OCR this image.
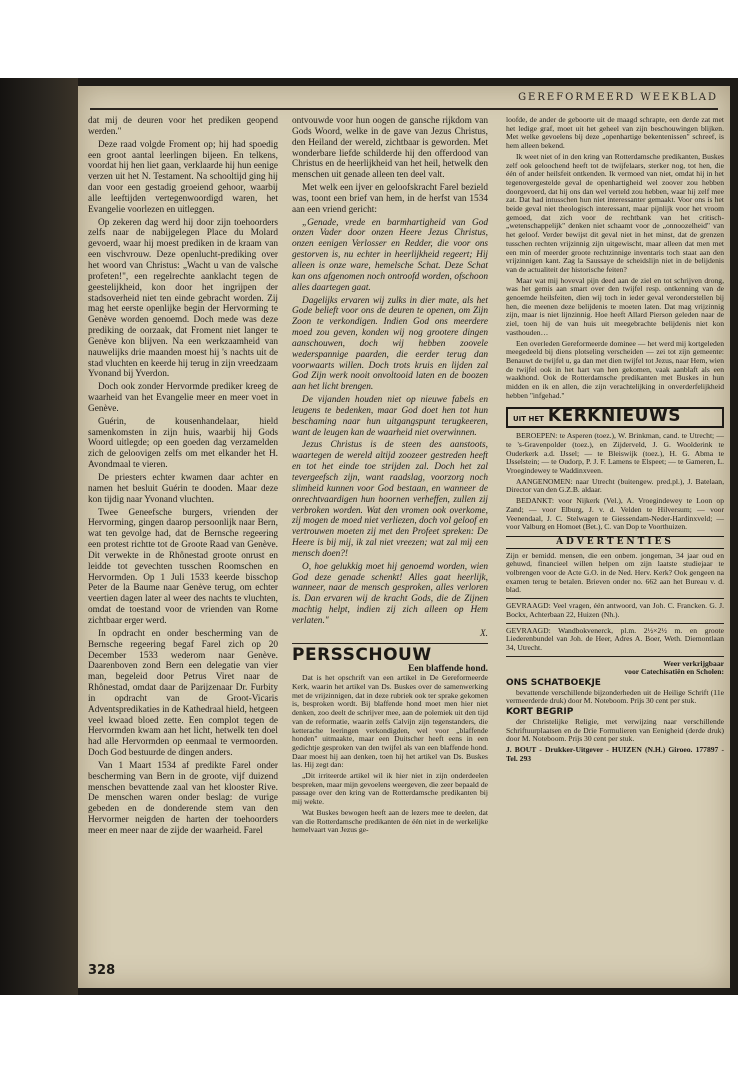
GEREFORMEERD WEEKBLAD

dat mij de deuren voor het prediken geopend werden."

Deze raad volgde Froment op; hij had spoedig een groot aantal leerlingen bijeen. En telkens, voordat hij hen liet gaan, verklaarde hij hun eenige verzen uit het N. Testament. Na schooltijd ging hij dan voor een gestadig groeiend gehoor, waarbij alle leeftijden vertegenwoordigd waren, het Evangelie voorlezen en uitleggen.

Op zekeren dag werd hij door zijn toehoorders zelfs naar de nabijgelegen Place du Molard gevoerd, waar hij moest prediken in de kraam van een vischvrouw. Deze openlucht-prediking over het woord van Christus: „Wacht u van de valsche profeten!", een regelrechte aanklacht tegen de geestelijkheid, kon door het ingrijpen der stadsoverheid niet ten einde gebracht worden. Zij mag het eerste openlijke begin der Hervorming te Genève worden genoemd. Doch mede was deze prediking de oorzaak, dat Froment niet langer te Genève kon blijven. Na een werkzaamheid van nauwelijks drie maanden moest hij 's nachts uit de stad vluchten en keerde hij terug in zijn vreedzaam Yvonand bij Yverdon.

Doch ook zonder Hervormde prediker kreeg de waarheid van het Evangelie meer en meer voet in Genève.

Guérin, de kousenhandelaar, hield samenkomsten in zijn huis, waarbij hij Gods Woord uitlegde; op een goeden dag verzamelden zich de geloovigen zelfs om met elkander het H. Avondmaal te vieren.

De priesters echter kwamen daar achter en namen het besluit Guérin te dooden. Maar deze kon tijdig naar Yvonand vluchten.

Twee Geneefsche burgers, vrienden der Hervorming, gingen daarop persoonlijk naar Bern, wat ten gevolge had, dat de Bernsche regeering een protest richtte tot de Groote Raad van Genève. Dit verwekte in de Rhônestad groote onrust en leidde tot gevechten tusschen Roomschen en Hervormden. Op 1 Juli 1533 keerde bisschop Peter de la Baume naar Genève terug, om echter veertien dagen later al weer des nachts te vluchten, omdat de toestand voor de vrienden van Rome zichtbaar erger werd.

In opdracht en onder bescherming van de Bernsche regeering begaf Farel zich op 20 December 1533 wederom naar Genève. Daarenboven zond Bern een delegatie van vier man, begeleid door Petrus Viret naar de Rhônestad, omdat daar de Parijzenaar Dr. Furbity in opdracht van de Groot-Vicaris Adventspredikaties in de Kathedraal hield, hetgeen veel kwaad bloed zette. Een complot tegen de Hervormden kwam aan het licht, hetwelk ten doel had alle Hervormden op eenmaal te vermoorden. Doch God bestuurde de dingen anders.

Van 1 Maart 1534 af predikte Farel onder bescherming van Bern in de groote, vijf duizend menschen bevattende zaal van het klooster Rive. De menschen waren onder beslag: de vurige gebeden en de donderende stem van den Hervormer neigden de harten der toehoorders meer en meer naar de zijde der waarheid. Farel

ontvouwde voor hun oogen de gansche rijkdom van Gods Woord, welke in de gave van Jezus Christus, den Heiland der wereld, zichtbaar is geworden. Met wonderbare liefde schilderde hij den offerdood van Christus en de heerlijkheid van het heil, hetwelk den menschen uit genade alleen ten deel valt.

Met welk een ijver en geloofskracht Farel bezield was, toont een brief van hem, in de herfst van 1534 aan een vriend gericht:

„Genade, vrede en barmhartigheid van God onzen Vader door onzen Heere Jezus Christus, onzen eenigen Verlosser en Redder, die voor ons gestorven is, nu echter in heerlijkheid regeert; Hij alleen is onze ware, hemelsche Schat. Deze Schat kan ons afgenomen noch ontroofd worden, ofschoon alles daartegen gaat.

Dagelijks ervaren wij zulks in dier mate, als het Gode belieft voor ons de deuren te openen, om Zijn Zoon te verkondigen. Indien God ons meerdere moed zou geven, konden wij nog grootere dingen aanschouwen, doch wij hebben zoovele wederspannige paarden, die eerder terug dan voorwaarts willen. Doch trots kruis en lijden zal God Zijn werk nooit onvoltooid laten en de boozen aan het licht brengen.

De vijanden houden niet op nieuwe fabels en leugens te bedenken, maar God doet hen tot hun beschaming naar hun uitgangspunt terugkeeren, want de leugen kan de waarheid niet overwinnen.

Jezus Christus is de steen des aanstoots, waartegen de wereld altijd zoozeer gestreden heeft en tot het einde toe strijden zal. Doch het zal tevergeefsch zijn, want raadslag, voorzorg noch slimheid kunnen voor God bestaan, en wanneer de onrechtvaardigen hun hoornen verheffen, zullen zij verbroken worden. Wat den vromen ook overkome, zij mogen de moed niet verliezen, doch vol geloof en vertrouwen moeten zij met den Profeet spreken: De Heere is bij mij, ik zal niet vreezen; wat zal mij een mensch doen?!

O, hoe gelukkig moet hij genoemd worden, wien God deze genade schenkt! Alles gaat heerlijk, wanneer, naar de mensch gesproken, alles verloren is. Dan ervaren wij de kracht Gods, die de Zijnen machtig helpt, indien zij zich alleen op Hem verlaten."

X.
PERSSCHOUW
Een blaffende hond.

Dat is het opschrift van een artikel in De Gereformeerde Kerk, waarin het artikel van Ds. Buskes over de samenwerking met de vrijzinnigen, dat in deze rubriek ook ter sprake gekomen is, besproken wordt. Bij blaffende hond moet men hier niet denken, zoo deelt de schrijver mee, aan de polemiek uit den tijd van de reformatie, waarin zelfs Calvijn zijn tegenstanders, die ketterache leeringen verkondigden, wel voor „blaffende honden" uitmaakte, maar een Duitscher heeft eens in een gedichtje gesproken van den twijfel als van een blaffende hond. Daar moest hij aan denken, toen hij het artikel van Ds. Buskes las. Hij zegt dan:

„Dit irriteerde artikel wil ik hier niet in zijn onderdeelen bespreken, maar mijn gevoelens weergeven, die zeer bepaald de passage over den kring van de Rotterdamsche predikanten bij mij wekte.

Wat Buskes bewogen heeft aan de lezers mee te deelen, dat van die Rotterdamsche predikanten de één niet in de werkelijke hemelvaart van Jezus ge-

loofde, de ander de geboorte uit de maagd schrapte, een derde zat met het ledige graf, moet uit het geheel van zijn beschouwingen blijken. Met welke gevoelens bij deze „openhartige bekentenissen" schreef, is hem alleen bekend.

Ik weet niet of in den kring van Rotterdamsche predikanten, Buskes zelf ook geloochend heeft tot de twijfelaars, sterker nog, tot hen, die één of ander heilsfeit ontkenden. Ik vermoed van niet, omdat hij in het tegenovergestelde geval de openhartigheid wel zoover zou hebben doorgevoerd, dat hij ons dan wel verteld zou hebben, waar hij zelf mee zat. Dat had intusschen hun niet interessanter gemaakt. Voor ons is het beide geval niet theologisch interessant, maar pijnlijk voor het vroom gemoed, dat zich voor de rechtbank van het critisch-„wetenschappelijk" denken niet schaamt voor de „onnoozelheid" van het geloof. Verder bewijst dit geval niet in het minst, dat de grenzen tusschen rechten vrijzinnig zijn uitgewischt, maar alleen dat men met een min of meerder groote rechtzinnige inventaris toch staat aan den vrijzinnigen kant. Zag la Saussaye de scheidslijn niet in de belijdenis van de actualiteit der historische feiten?

Maar wat mij hoveval pijn deed aan de ziel en tot schrijven drong, was het gemis aan smart over den twijfel resp. ontkenning van de genoemde heilsfeiten, dien wij toch in ieder geval veronderstellen bij hen, die meenen deze belijdenis te moeten laten. Dat mag vrijzinnig zijn, maar is niet lijnzinnig. Hoe heeft Allard Pierson geleden naar de ziel, toen hij de van huis uit meegebrachte belijdenis niet kon vasthouden…

Een overleden Gereformeerde dominee — het werd mij kortgeleden meegedeeld bij diens plotseling verscheiden — zei tot zijn gemeente: Benauwt de twijfel u, ga dan met dien twijfel tot Jezus, naar Hem, wien de twijfel ook in het hart van hen gekomen, vaak aanblaft als een waakhond. Ook de Rotterdamsche predikanten met Buskes in hun midden en ik en allen, die zijn verachtelijking in onverderfelijkheid hebben "infgehad."

UIT HET KERKNIEUWS

BEROEPEN: te Asperen (toez.), W. Brinkman, cand. te Utrecht; — te 's-Gravenpolder (toez.), en Zijderveld, J. G. Woolderink te Ouderkerk a.d. IJssel; — te Bleiswijk (toez.), H. G. Abma te IJsselstein; — te Oudorp, P. J. F. Lamens te Elspeet; — te Gameren, L. Vroegindewey te Waddinxveen.

AANGENOMEN: naar Utrecht (buitengew. pred.pl.), J. Batelaan, Director van den G.Z.B. aldaar.

BEDANKT: voor Nijkerk (Vel.), A. Vroegindewey te Loon op Zand; — voor Elburg, J. v. d. Velden te Hilversum; — voor Veenendaal, J. C. Stelwagen te Giessendam-Neder-Hardinxveld; — voor Valburg en Homoet (Bet.), C. van Dop te Voorthuizen.

ADVERTENTIES

Zijn er bemidd. mensen, die een onbem. jongeman, 34 jaar oud en gehuwd, financieel willen helpen om zijn laatste studiejaar te volbrengen voor de Acte G.O. in de Ned. Herv. Kerk? Ook gengeen na examen terug te betalen. Brieven onder no. 662 aan het Bureau v. d. blad.

GEVRAAGD: Veel vragen, één antwoord, van Joh. C. Francken. G. J. Bockx, Achterbaan 22, Huizen (Nh.).

GEVRAAGD: Wandbokvenerck, pl.m. 2½×2½ m. en groote Liederenbundel van Joh. de Heer, Adres A. Boer, Weth. Diemontlaan 34, Utrecht.

Weer verkrijgbaar
voor Catechisatiën en Scholen:
ONS SCHATBOEKJE

bevattende verschillende bijzonderheden uit de Heilige Schrift (11e vermeerderde druk) door M. Noteboom. Prijs 30 cent per stuk.

KORT BEGRIP

der Christelijke Religie, met verwijzing naar verschillende Schriftuurplaatsen en de Drie Formulieren van Eenigheid (derde druk) door M. Noteboom. Prijs 30 cent per stuk.

J. BOUT - Drukker-Uitgever - HUIZEN (N.H.) Giroeo. 177897 - Tel. 293
328
